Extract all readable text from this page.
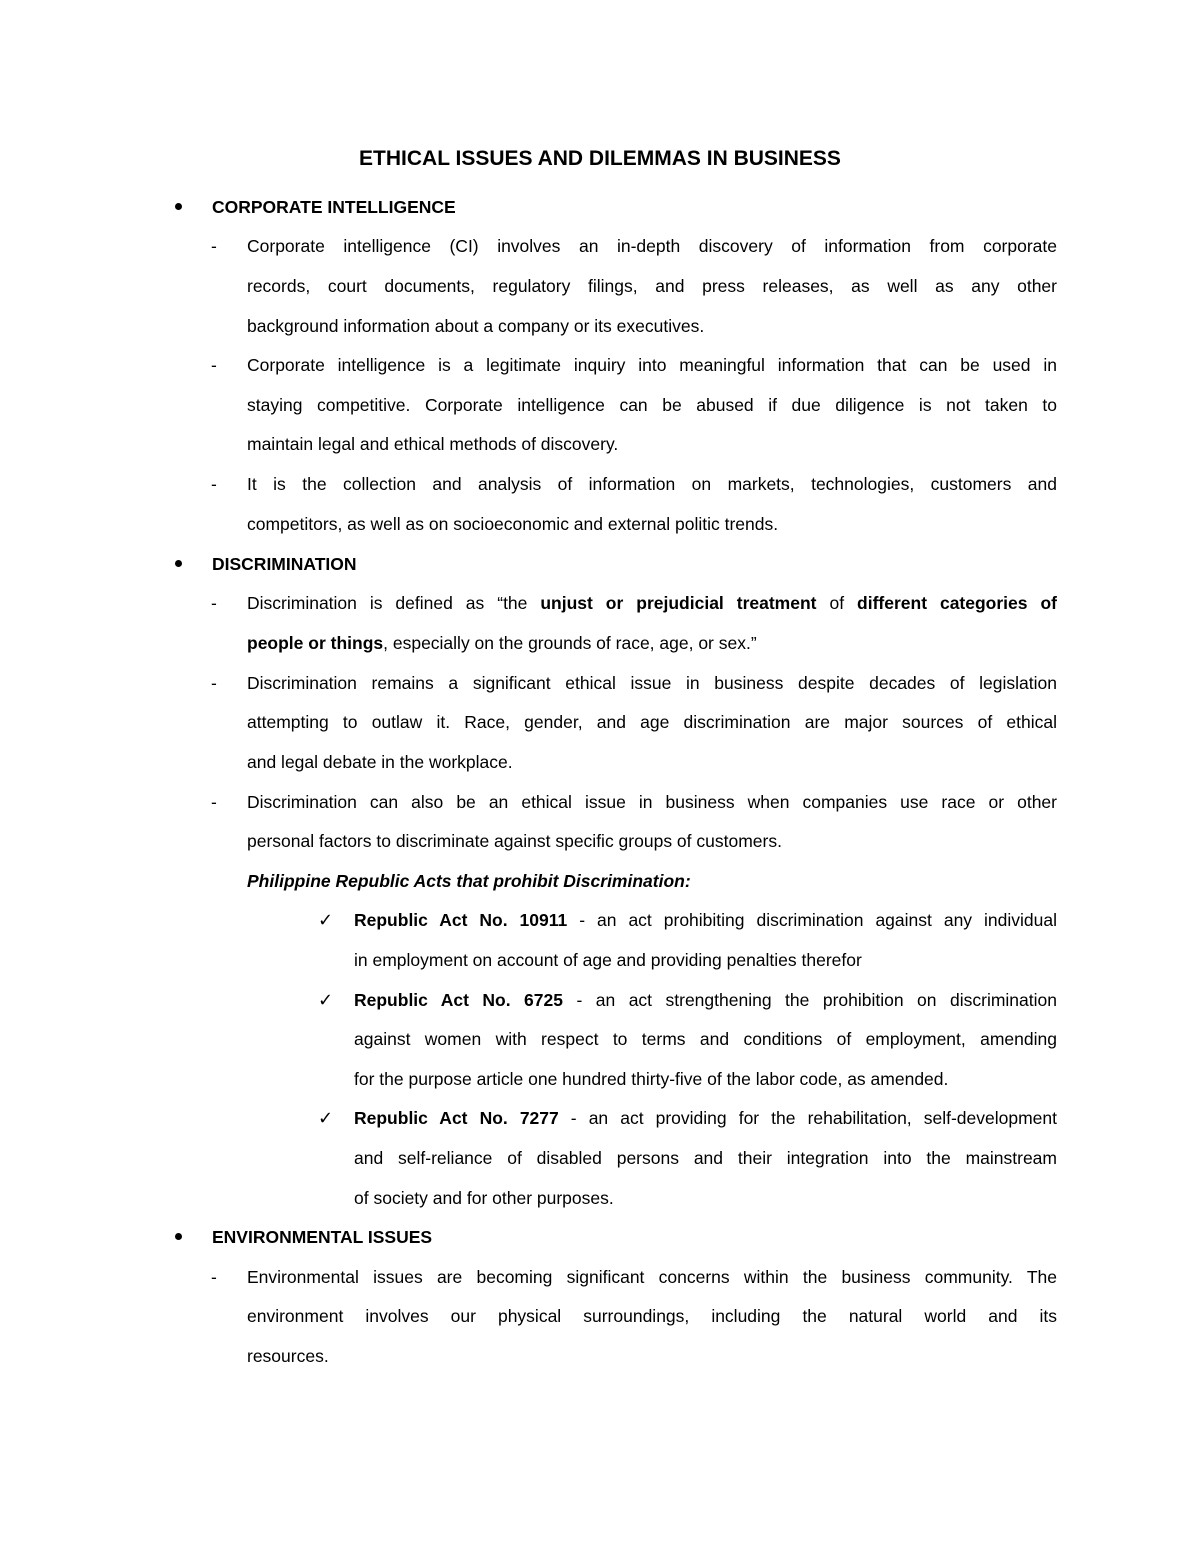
ETHICAL ISSUES AND DILEMMAS IN BUSINESS
CORPORATE INTELLIGENCE
- Corporate intelligence (CI) involves an in-depth discovery of information from corporate
records, court documents, regulatory filings, and press releases, as well as any other
background information about a company or its executives.
- Corporate intelligence is a legitimate inquiry into meaningful information that can be used in
staying competitive. Corporate intelligence can be abused if due diligence is not taken to
maintain legal and ethical methods of discovery.
- It is the collection and analysis of information on markets, technologies, customers and
competitors, as well as on socioeconomic and external politic trends.
DISCRIMINATION
- Discrimination is defined as “the unjust or prejudicial treatment of different categories of
people or things, especially on the grounds of race, age, or sex.”
- Discrimination remains a significant ethical issue in business despite decades of legislation
attempting to outlaw it. Race, gender, and age discrimination are major sources of ethical
and legal debate in the workplace.
- Discrimination can also be an ethical issue in business when companies use race or other
personal factors to discriminate against specific groups of customers.
Philippine Republic Acts that prohibit Discrimination:
✓ Republic Act No. 10911 - an act prohibiting discrimination against any individual
in employment on account of age and providing penalties therefor
✓ Republic Act No. 6725 - an act strengthening the prohibition on discrimination
against women with respect to terms and conditions of employment, amending
for the purpose article one hundred thirty-five of the labor code, as amended.
✓ Republic Act No. 7277 - an act providing for the rehabilitation, self-development
and self-reliance of disabled persons and their integration into the mainstream
of society and for other purposes.
ENVIRONMENTAL ISSUES
- Environmental issues are becoming significant concerns within the business community. The
environment involves our physical surroundings, including the natural world and its
resources.
